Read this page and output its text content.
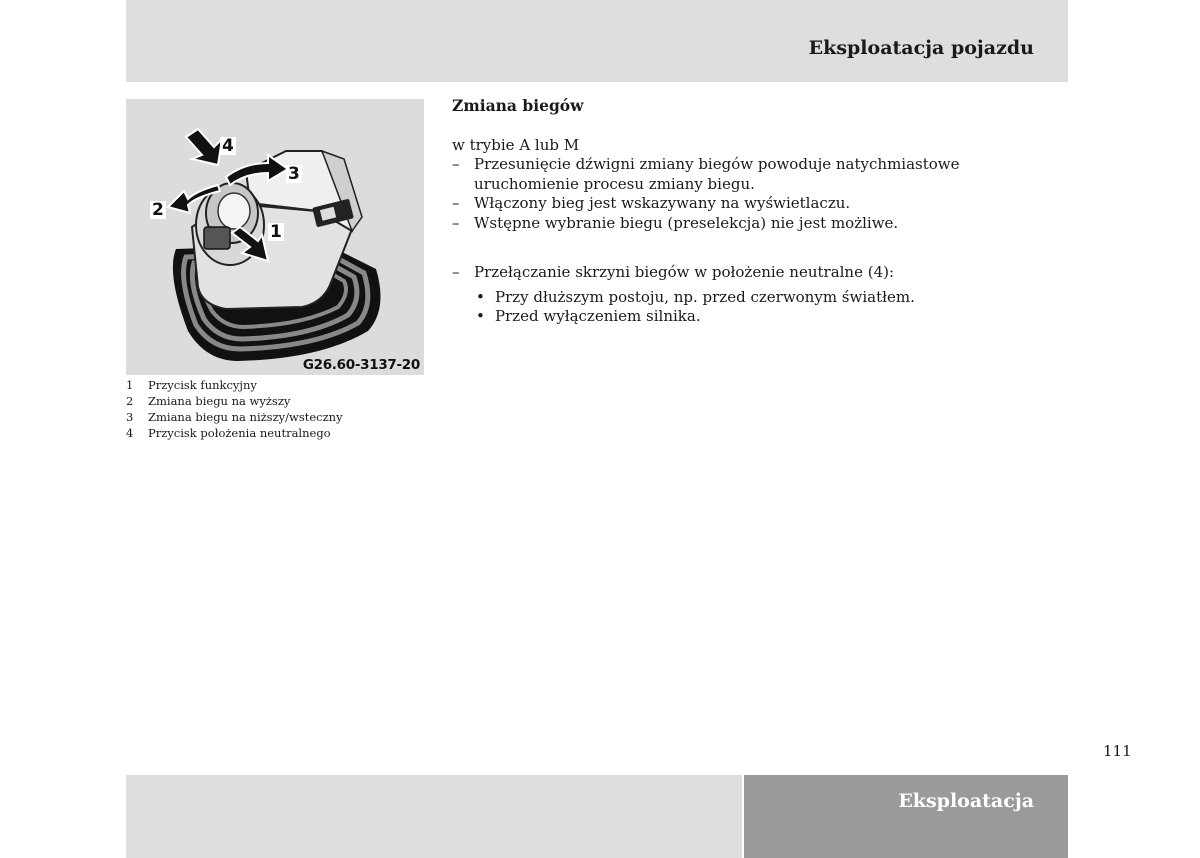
Eksploatacja pojazdu
4
2
3
1
G26.60-3137-20
1	Przycisk funkcyjny
2	Zmiana biegu na wyższy
3	Zmiana biegu na niższy/wsteczny
4	Przycisk położenia neutralnego
Zmiana biegów

w trybie A lub M

– Przesunięcie dźwigni zmiany biegów powoduje natychmiastowe uruchomienie procesu zmiany biegu.
– Włączony bieg jest wskazywany na wyświetlaczu.
– Wstępne wybranie biegu (preselekcja) nie jest możliwe.
– Przełączanie skrzyni biegów w położenie neutralne (4):
• Przy dłuższym postoju, np. przed czerwonym światłem.
• Przed wyłączeniem silnika.
111
Eksploatacja
